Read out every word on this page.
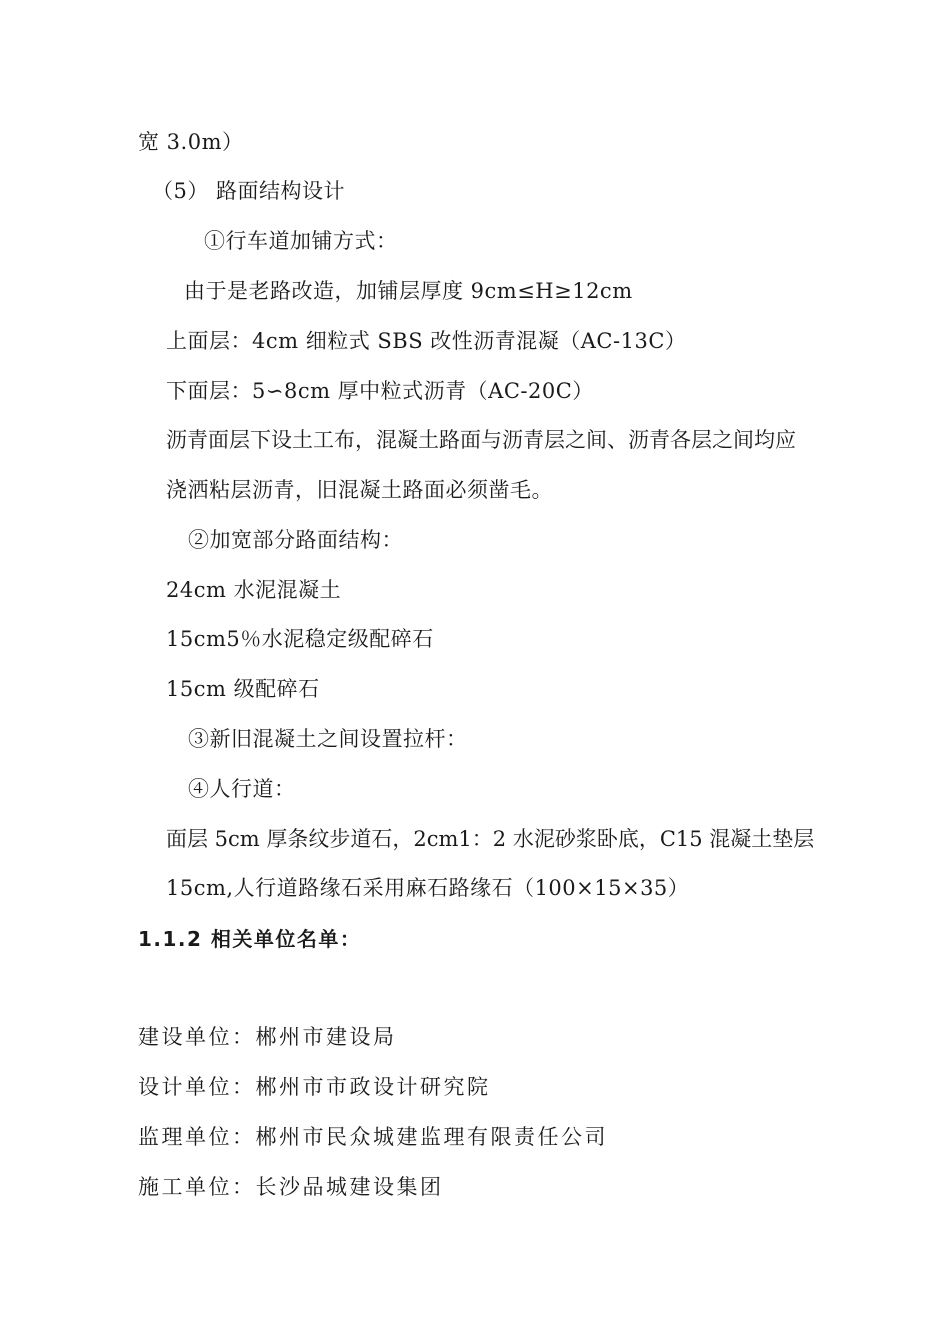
宽 3.0m）
（5） 路面结构设计
①行车道加铺方式：
由于是老路改造，加铺层厚度 9cm≤H≥12cm
上面层：4cm 细粒式 SBS 改性沥青混凝（AC-13C）
下面层：5∽8cm 厚中粒式沥青（AC-20C）
沥青面层下设土工布，混凝土路面与沥青层之间、沥青各层之间均应
浇洒粘层沥青，旧混凝土路面必须凿毛。
②加宽部分路面结构：
24cm 水泥混凝土
15cm5％水泥稳定级配碎石
15cm 级配碎石
③新旧混凝土之间设置拉杆：
④人行道：
面层 5cm 厚条纹步道石，2cm1：2 水泥砂浆卧底，C15 混凝土垫层
15cm,人行道路缘石采用麻石路缘石（100×15×35）
1.1.2 相关单位名单：
建设单位：郴州市建设局
设计单位：郴州市市政设计研究院
监理单位：郴州市民众城建监理有限责任公司
施工单位：长沙品城建设集团
